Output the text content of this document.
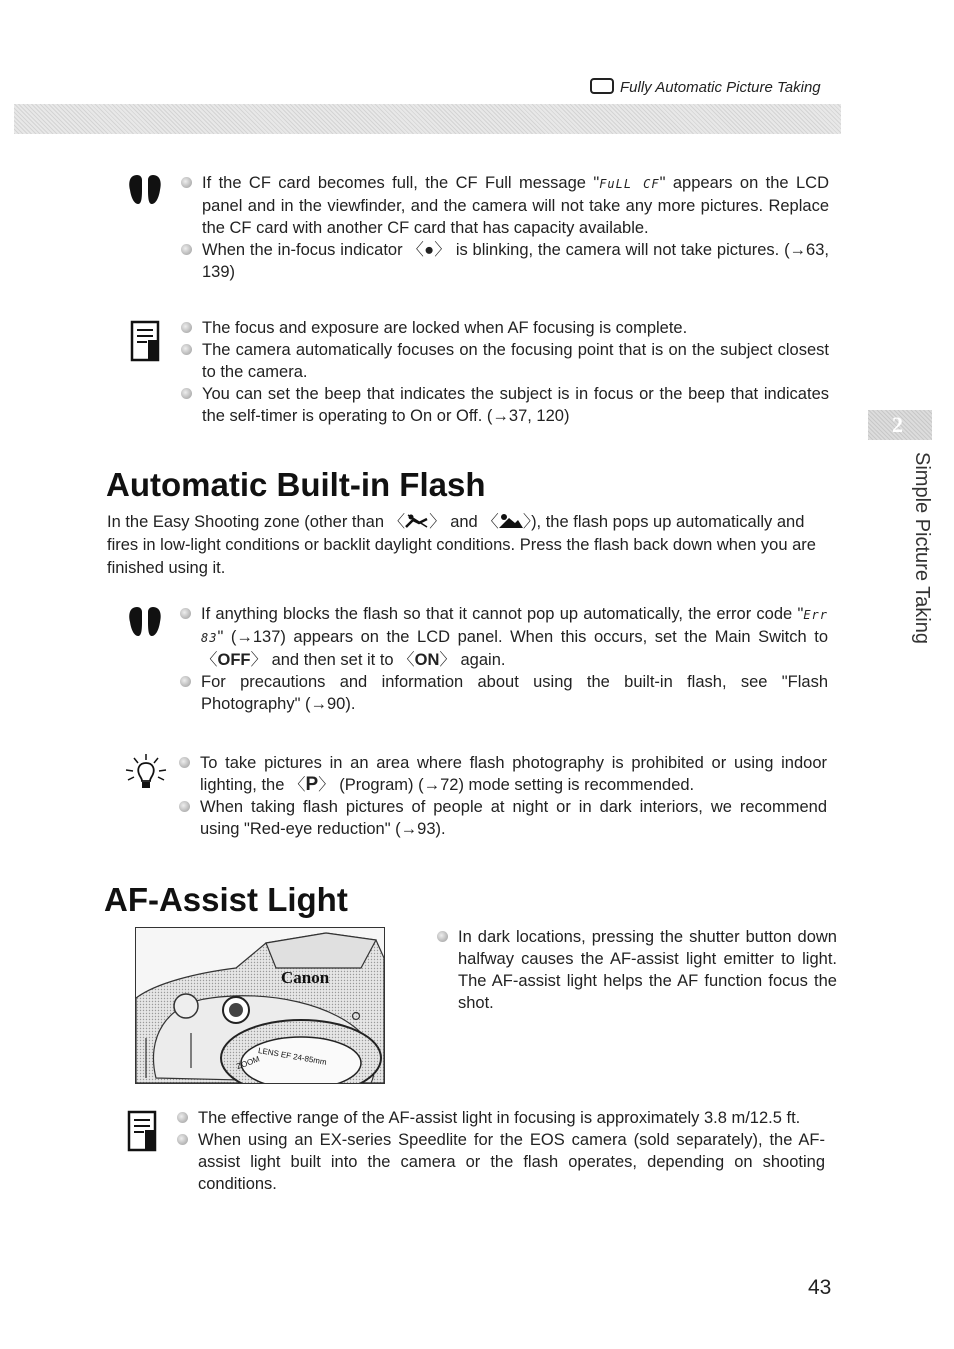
Fully Automatic Picture Taking
If the CF card becomes full, the CF Full message "FuLL CF" appears on the LCD panel and in the viewfinder, and the camera will not take any more pictures. Replace the CF card with another CF card that has capacity available.
When the in-focus indicator 〈●〉 is blinking, the camera will not take pictures. (→63, 139)
The focus and exposure are locked when AF focusing is complete.
The camera automatically focuses on the focusing point that is on the subject closest to the camera.
You can set the beep that indicates the subject is in focus or the beep that indicates the self-timer is operating to On or Off. (→37, 120)	2
Simple Picture Taking
Automatic Built-in Flash
In the Easy Shooting zone (other than 〈 〉 and 〈 〉), the flash pops up automatically and fires in low-light conditions or backlit daylight conditions. Press the flash back down when you are finished using it.
If anything blocks the flash so that it cannot pop up automatically, the error code "Err 83" (→137) appears on the LCD panel. When this occurs, set the Main Switch to 〈OFF〉 and then set it to 〈ON〉 again.
For precautions and information about using the built-in flash, see "Flash Photography" (→90).
To take pictures in an area where flash photography is prohibited or using indoor lighting, the 〈P〉 (Program) (→72) mode setting is recommended.
When taking flash pictures of people at night or in dark interiors, we recommend using "Red-eye reduction" (→93).
AF-Assist Light
Canon
ZOOM
LENS EF 24-85mm
In dark locations, pressing the shutter button down halfway causes the AF-assist light emitter to light. The AF-assist light helps the AF function focus the shot.
The effective range of the AF-assist light in focusing is approximately 3.8 m/12.5 ft.
When using an EX-series Speedlite for the EOS camera (sold separately), the AF-assist light built into the camera or the flash operates, depending on shooting conditions.
43
